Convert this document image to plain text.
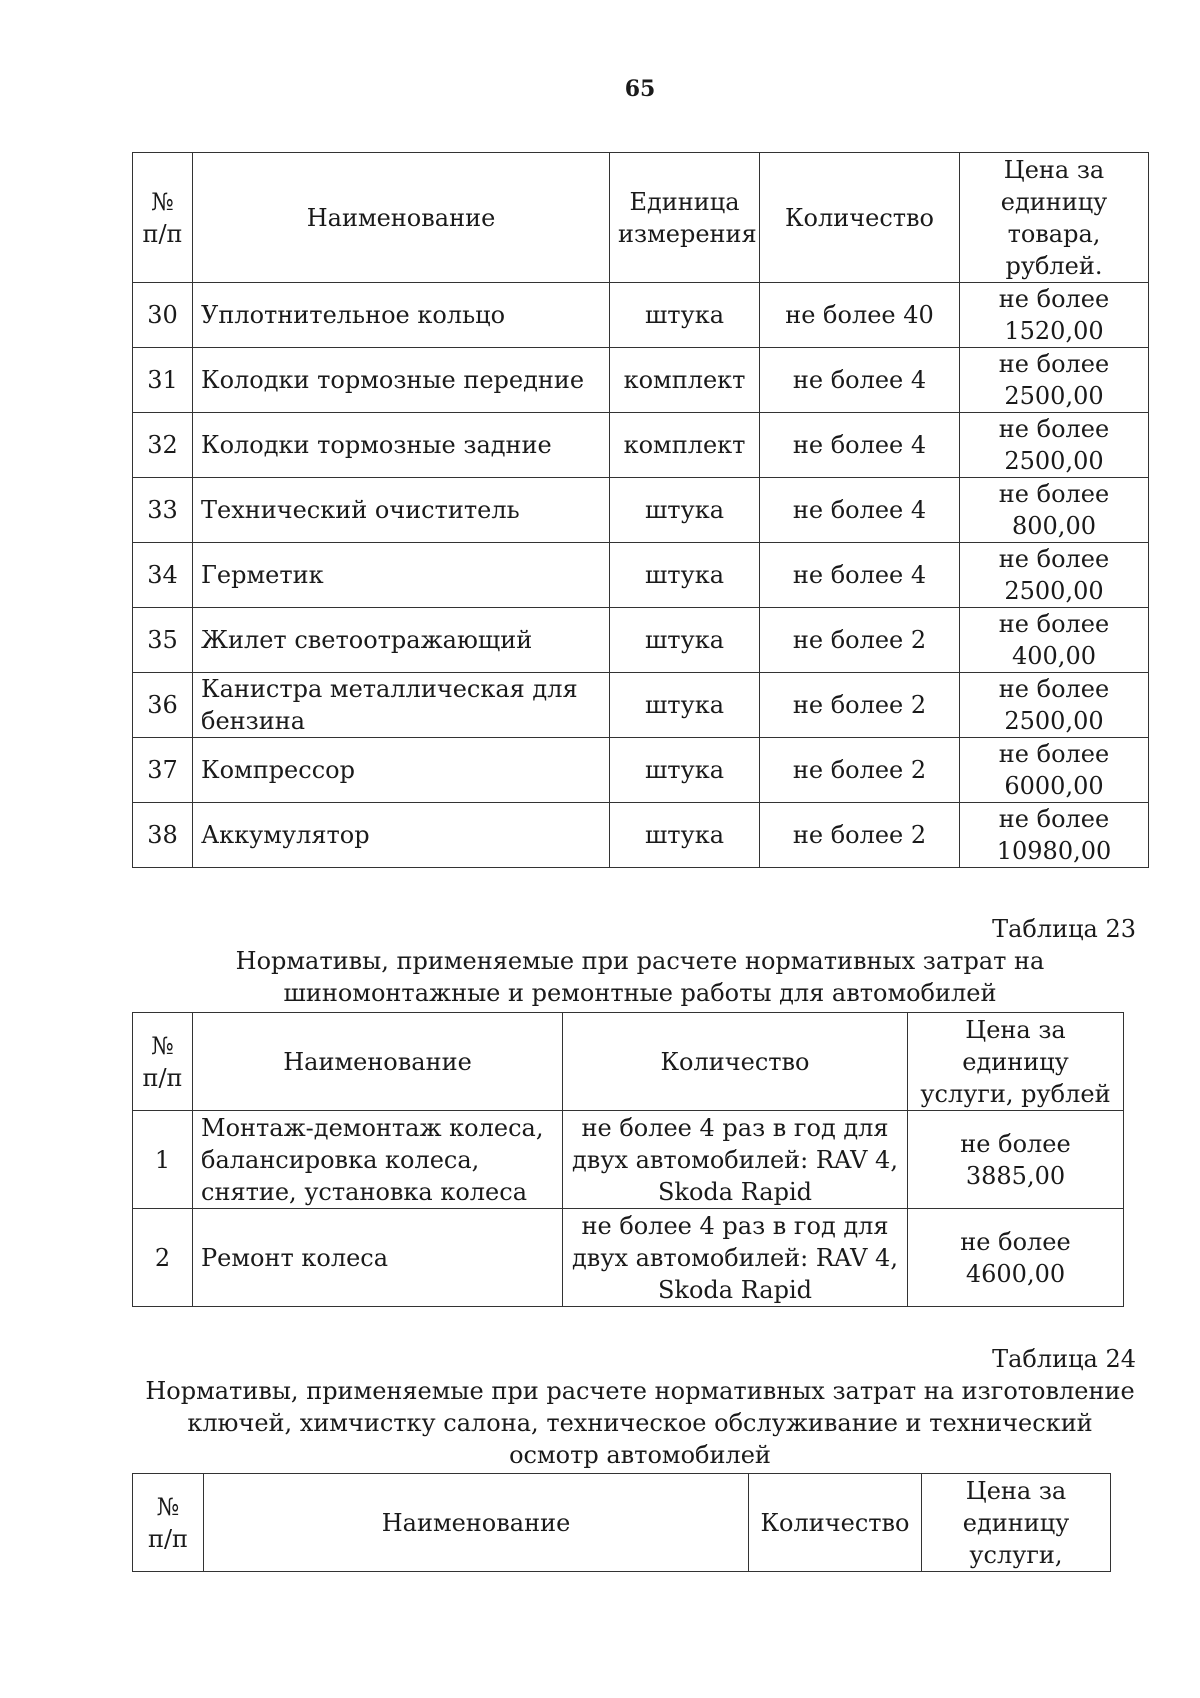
65
№ п/п	Наименование	Единица измерения	Количество	Цена за единицу товара, рублей.
30	Уплотнительное кольцо	штука	не более 40	не более 1520,00
31	Колодки тормозные передние	комплект	не более 4	не более 2500,00
32	Колодки тормозные задние	комплект	не более 4	не более 2500,00
33	Технический очиститель	штука	не более 4	не более 800,00
34	Герметик	штука	не более 4	не более 2500,00
35	Жилет светоотражающий	штука	не более 2	не более 400,00
36	Канистра металлическая для бензина	штука	не более 2	не более 2500,00
37	Компрессор	штука	не более 2	не более 6000,00
38	Аккумулятор	штука	не более 2	не более 10980,00
Таблица 23
Нормативы, применяемые при расчете нормативных затрат на шиномонтажные и ремонтные работы для автомобилей
№ п/п	Наименование	Количество	Цена за единицу услуги, рублей
1	Монтаж-демонтаж колеса, балансировка колеса, снятие, установка колеса	не более 4 раз в год для двух автомобилей: RAV 4, Skoda Rapid	не более 3885,00
2	Ремонт колеса	не более 4 раз в год для двух автомобилей: RAV 4, Skoda Rapid	не более 4600,00
Таблица 24
Нормативы, применяемые при расчете нормативных затрат на изготовление ключей, химчистку салона, техническое обслуживание и технический осмотр автомобилей
№ п/п	Наименование	Количество	Цена за единицу услуги,
